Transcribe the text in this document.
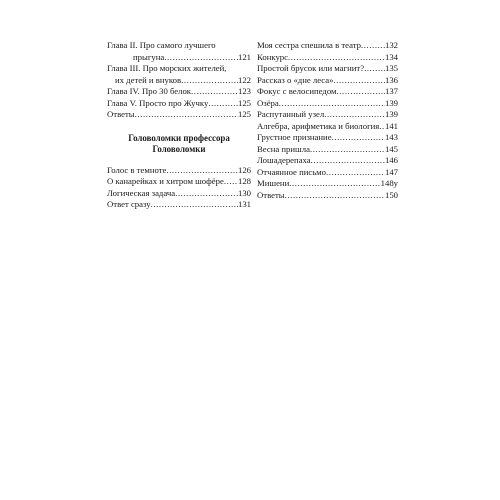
Глава II. Про самого лучшего
прыгуна .....	121
Глава III. Про морских жителей,
их детей и внуков .....	122
Глава IV. Про 30 белок .....	123
Глава V. Просто про Жучку .....	125
Ответы .....	125
Головоломки профессора
Головоломки
Голос в темноте .....	126
О канарейках и хитром шофёре ..... 128
Логическая задача .....	130
Ответ сразу .....	131
Моя сестра спешила в театр .....	132
Конкурс .....	134
Простой брусок или магнит? ..... 135
Рассказ о «дне леса» .....	136
Фокус с велосипедом .....	137
Озёра .....	139
Распутанный узел .....	139
Алгебра, арифметика и биология ..... 141
Грустное признание .....	143
Весна пришла .....	145
Лошадерепаха .....	146
Отчаянное письмо .....	147
Мишени .....	148у
Ответы .....	150
